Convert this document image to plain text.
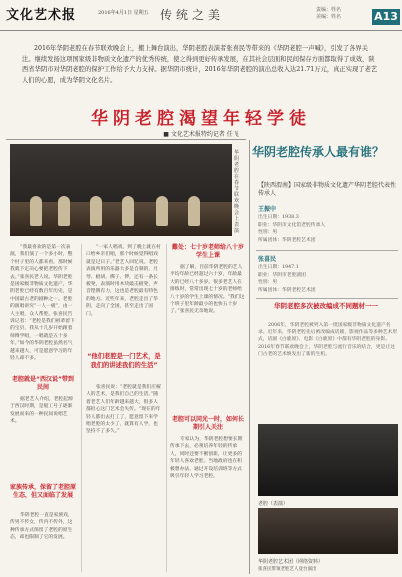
文化艺术报	2016年4月1日 星期五 传统之美	责编：姓名
美编：姓名	A13
2016年华阴老腔在春节联欢晚会上，搬上舞台演出，华阴老腔表演者张喜民等带来的《华阴老腔一声喊》，引发了各界关注。继续发扬这项国家级非物质文化遗产的优秀传统，使之得到更好传承发展，在其社会层面和民间保存方面都取得了成效，陕西省华阴市对华阴老腔的保护工作给予大力支持。据华阴市统计，2016年华阴老腔的演出总收入达21.71万元，真正实现了老艺人们的心愿，成为华阴文化名片。
华阴老腔渴望年轻学徒
■ 文化艺术报特约记者 任飞
华阴老腔在春节联欢晚会上表演
“我最喜欢的是第一次表演，我们演了一个多小时，整个村子里的人都来看，那时候我就下定决心要把老腔传下去。”张喜民老人说。华阴老腔是国家级非物质文化遗产，华阴老腔已经有数百年历史，是中国最古老的剧种之一。老腔的演唱讲究“一人一板”，由一人主唱，众人帮腔。张喜民告诉记者：“老腔是我们祖辈留下的宝贝，我从十几岁开始跟着师傅学唱，一唱就是五十多年。”如今的华阴老腔虽然名气越来越大，可是愿意学习的年轻人却不多。
老腔就是“西汉说”带到民间
据老艺人介绍，老腔起源于西汉时期，是船工号子逐渐发展而来的一种民间说唱艺术。
家族传承，保留了老腔原生态，但又面临了发展
华阴老腔一直是家族戏，传男不传女，传内不传外，这种传承方式保留了老腔的原生态，却也限制了它的发展。
“一家人唱戏，到了晚上就在村口给乡亲们唱，那个时候觉得唱戏就是过日子。”老艺人回忆说。老腔表演所用的乐器大多是自制的，月琴、板胡、梆子、锣，还有一条长板凳，表演时用木块敲击板凳，声音铿锵有力，这也是老腔最有特色的地方。近些年来，老腔走出了华阴，走向了全国，甚至走出了国门。
“他们老腔是一门艺术，是我们的讲述我们的生活”
张喜民说：“老腔就是我们庄稼人的艺术，是我们自己的生活。”随着老艺人们年龄越来越大，很多人都担心这门艺术会失传。“现在的年轻人都出去打工了，愿意留下来学唱老腔的太少了，就算有人学，也坚持不了多久。”
難处：七十岁老师给八十岁学生上课
据了解，目前华阴老腔的艺人平均年龄已经超过六十岁，年龄最大的已经八十多岁。很多老艺人在排练时，常常出现七十岁的老师给八十岁的学生上课的情况。“我们这个班子里年龄最小的也快五十岁了。”张喜民无奈地说。
老腔可以同光一时，如何长期引人关注
专家认为，华阴老腔想要长期传承下去，必须培养年轻的传承人，同时还要不断创新，让更多的年轻人喜欢老腔。当地政府也在积极想办法，通过开设培训班等方式吸引年轻人学习老腔。
华阴老腔传承人最有谁？
【陕西渭南】国家级非物质文化遗产华阴老腔代表性传承人
王振中
出生日期：1938.3
职业：华阴市文化馆老腔传承人
性别：男
所属团体：华阴老腔艺术团
张喜民
出生日期：1947.1
职业：华阴市老腔剧团
性别：男
所属团体：华阴老腔艺术团
华阴老腔多次被改编成不同题材一一
2006年，华阴老腔被列入第一批国家级非物质文化遗产名录。近年来，华阴老腔先后被改编成话剧、影视作品等多种艺术形式，话剧《白鹿原》、电影《白鹿原》中都有华阴老腔的身影。2016年春节联欢晚会上，华阴老腔与流行音乐的结合，更是让这门古老的艺术焕发出了新的生机。
老腔（表演）
华阴老腔艺术团（网络资料）
张喜民带领老腔艺人登台演出
